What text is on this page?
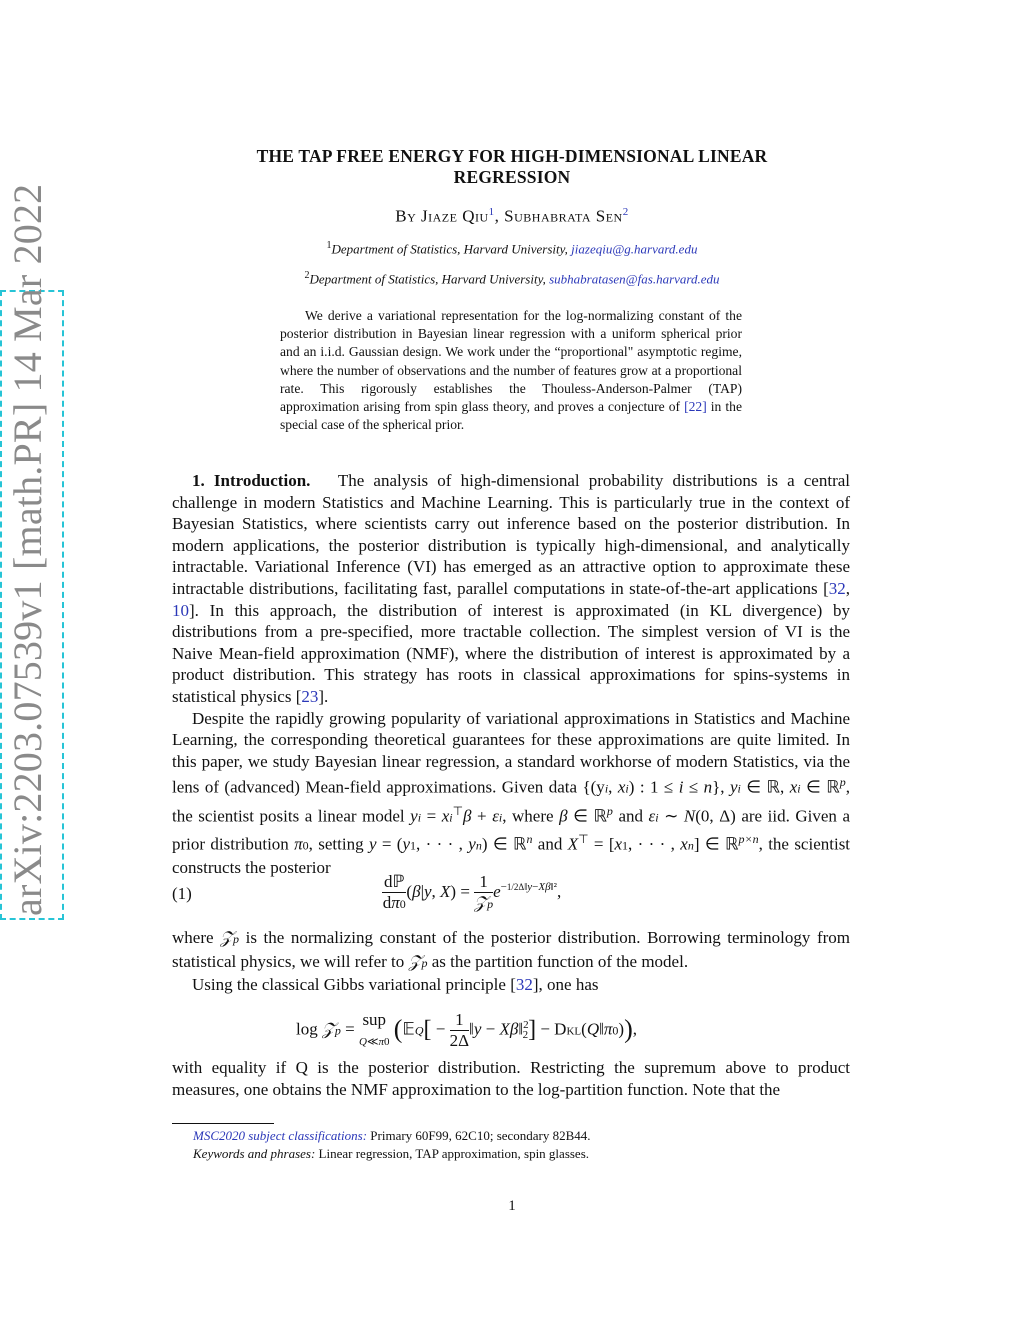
arXiv:2203.07539v1 [math.PR] 14 Mar 2022
THE TAP FREE ENERGY FOR HIGH-DIMENSIONAL LINEAR
REGRESSION
By Jiaze Qiu$^1$, Subhabrata Sen$^2$
$^1$Department of Statistics, Harvard University, jiazeqiu@g.harvard.edu
$^2$Department of Statistics, Harvard University, subhabratasen@fas.harvard.edu

We derive a variational representation for the log-normalizing constant of the posterior distribution in Bayesian linear regression with a uniform spherical prior and an i.i.d. Gaussian design. We work under the “proportional" asymptotic regime, where the number of observations and the number of features grow at a proportional rate. This rigorously establishes the Thouless-Anderson-Palmer (TAP) approximation arising from spin glass theory, and proves a conjecture of [22] in the special case of the spherical prior.

1. Introduction. The analysis of high-dimensional probability distributions is a central challenge in modern Statistics and Machine Learning. This is particularly true in the context of Bayesian Statistics, where scientists carry out inference based on the posterior distribution. In modern applications, the posterior distribution is typically high-dimensional, and analytically intractable. Variational Inference (VI) has emerged as an attractive option to approximate these intractable distributions, facilitating fast, parallel computations in state-of-the-art applications [32, 10]. In this approach, the distribution of interest is approximated (in KL divergence) by distributions from a pre-specified, more tractable collection. The simplest version of VI is the Naive Mean-field approximation (NMF), where the distribution of interest is approximated by a product distribution. This strategy has roots in classical approximations for spins-systems in statistical physics [23].

Despite the rapidly growing popularity of variational approximations in Statistics and Machine Learning, the corresponding theoretical guarantees for these approximations are quite limited. In this paper, we study Bayesian linear regression, a standard workhorse of modern Statistics, via the lens of (advanced) Mean-field approximations. Given data {(yi, xi) : 1 ≤ i ≤ n}, yi ∈ ℝ, xi ∈ ℝ$^p$, the scientist posits a linear model yi = xi⊤β + εi, where β ∈ ℝ$^p$ and εi ∼ N(0, Δ) are iid. Given a prior distribution π0, setting y = (y1, · · · , yn) ∈ ℝ$^n$ and X⊤ = [x1, · · · , xn] ∈ ℝ$^{p\times n}$, the scientist constructs the posterior

(1)	$\frac{\text{dℙ}}{d\pi 0} (\beta|y$, $X) = \frac{1}{\text{𝒵p}} e^{-1/2\Delta‖y-X\beta‖^2}$,

where 𝒵p is the normalizing constant of the posterior distribution. Borrowing terminology from statistical physics, we will refer to 𝒵p as the partition function of the model.

Using the classical Gibbs variational principle [32], one has

log 𝒵p = sup
Q≪π0 (𝔼Q[ − $\frac{1}{2\Delta}$ ‖y − Xβ‖$^2_2$] − DKL(Q‖π0)),

with equality if Q is the posterior distribution. Restricting the supremum above to product measures, one obtains the NMF approximation to the log-partition function. Note that the

MSC2020 subject classifications: Primary 60F99, 62C10; secondary 82B44.
Keywords and phrases: Linear regression, TAP approximation, spin glasses.
1
